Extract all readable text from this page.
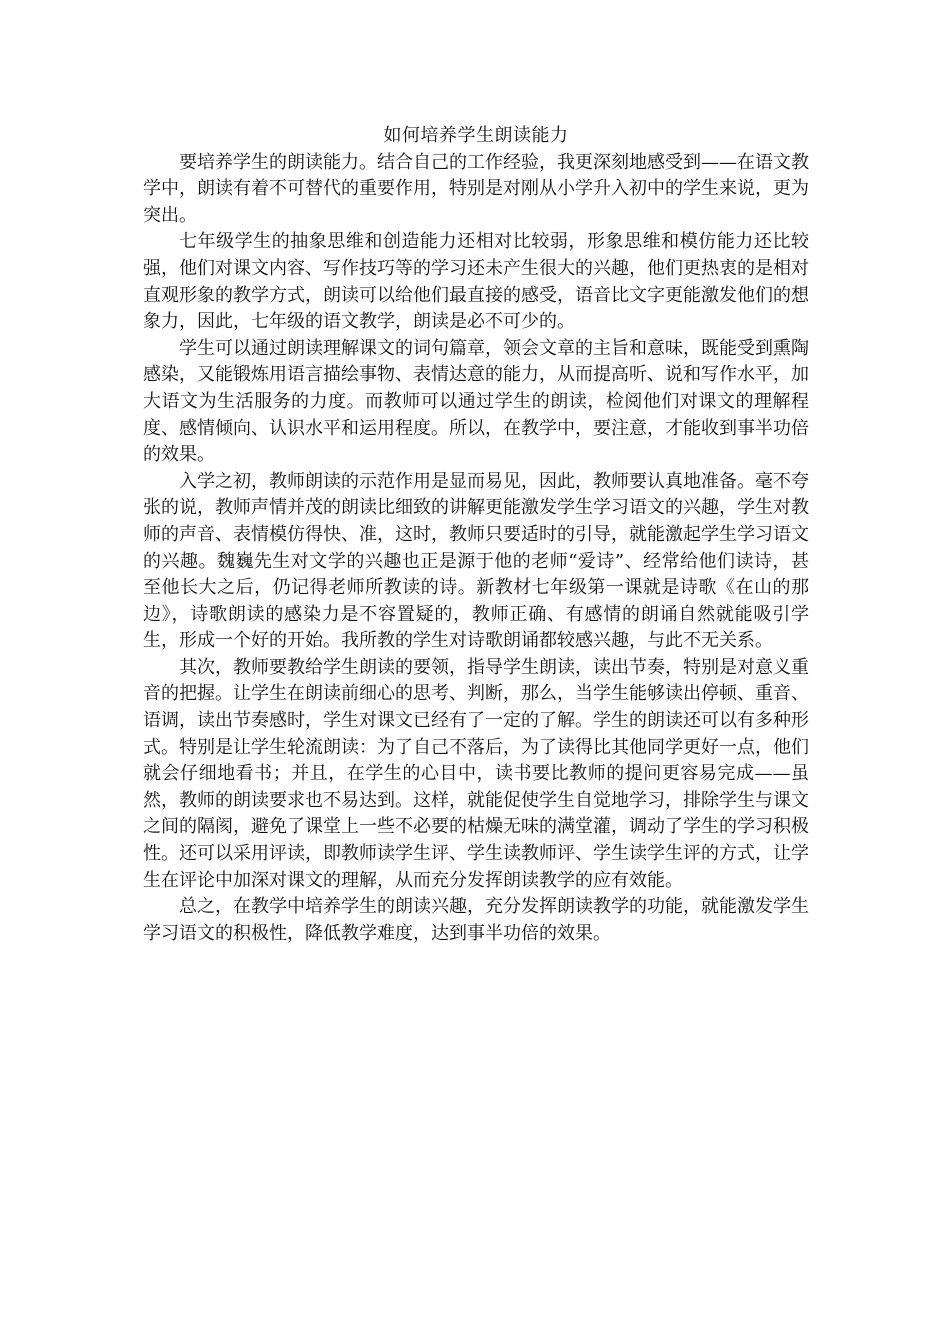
如何培养学生朗读能力

要培养学生的朗读能力。结合自己的工作经验，我更深刻地感受到——在语文教学中，朗读有着不可替代的重要作用，特别是对刚从小学升入初中的学生来说，更为突出。

七年级学生的抽象思维和创造能力还相对比较弱，形象思维和模仿能力还比较强，他们对课文内容、写作技巧等的学习还未产生很大的兴趣，他们更热衷的是相对直观形象的教学方式，朗读可以给他们最直接的感受，语音比文字更能激发他们的想象力，因此，七年级的语文教学，朗读是必不可少的。

学生可以通过朗读理解课文的词句篇章，领会文章的主旨和意味，既能受到熏陶感染，又能锻炼用语言描绘事物、表情达意的能力，从而提高听、说和写作水平，加大语文为生活服务的力度。而教师可以通过学生的朗读，检阅他们对课文的理解程度、感情倾向、认识水平和运用程度。所以，在教学中，要注意，才能收到事半功倍的效果。

入学之初，教师朗读的示范作用是显而易见，因此，教师要认真地准备。毫不夸张的说，教师声情并茂的朗读比细致的讲解更能激发学生学习语文的兴趣，学生对教师的声音、表情模仿得快、准，这时，教师只要适时的引导，就能激起学生学习语文的兴趣。魏巍先生对文学的兴趣也正是源于他的老师“爱诗”、经常给他们读诗，甚至他长大之后，仍记得老师所教读的诗。新教材七年级第一课就是诗歌《在山的那边》，诗歌朗读的感染力是不容置疑的，教师正确、有感情的朗诵自然就能吸引学生，形成一个好的开始。我所教的学生对诗歌朗诵都较感兴趣，与此不无关系。

其次，教师要教给学生朗读的要领，指导学生朗读，读出节奏，特别是对意义重音的把握。让学生在朗读前细心的思考、判断，那么，当学生能够读出停顿、重音、语调，读出节奏感时，学生对课文已经有了一定的了解。学生的朗读还可以有多种形式。特别是让学生轮流朗读：为了自己不落后，为了读得比其他同学更好一点，他们就会仔细地看书；并且，在学生的心目中，读书要比教师的提问更容易完成——虽然，教师的朗读要求也不易达到。这样，就能促使学生自觉地学习，排除学生与课文之间的隔阂，避免了课堂上一些不必要的枯燥无味的满堂灌，调动了学生的学习积极性。还可以采用评读，即教师读学生评、学生读教师评、学生读学生评的方式，让学生在评论中加深对课文的理解，从而充分发挥朗读教学的应有效能。

总之，在教学中培养学生的朗读兴趣，充分发挥朗读教学的功能，就能激发学生学习语文的积极性，降低教学难度，达到事半功倍的效果。
